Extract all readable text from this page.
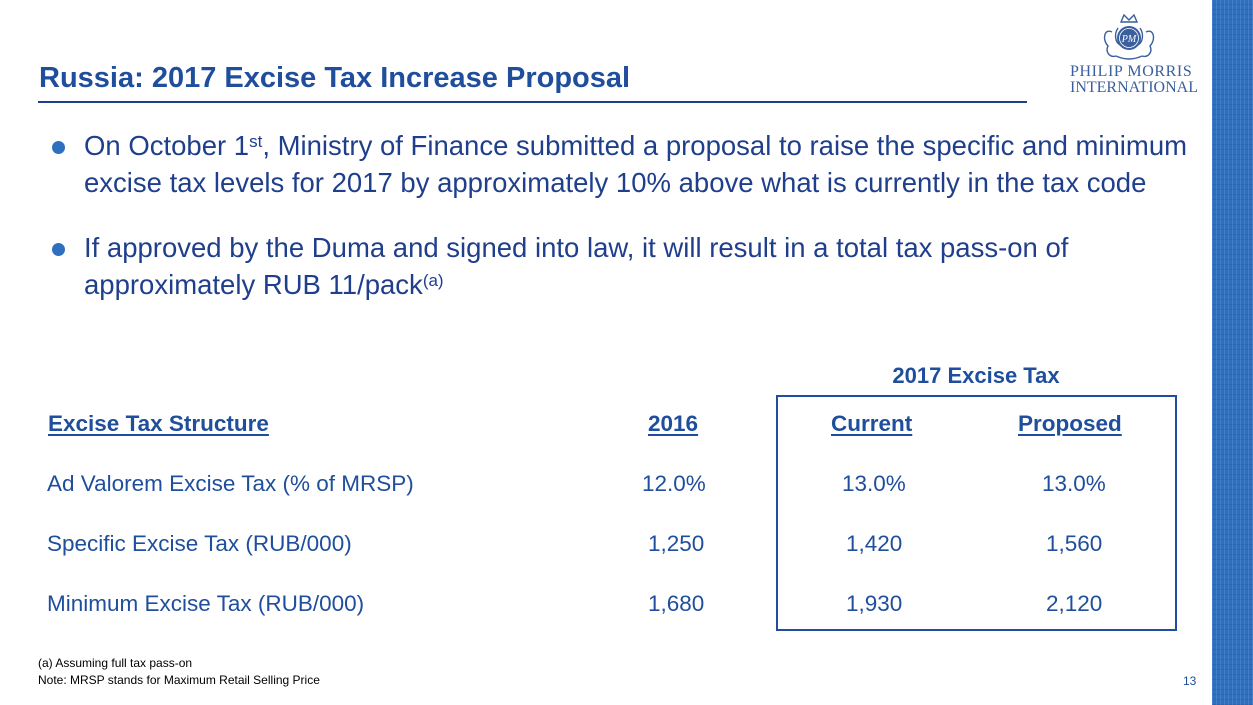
Russia: 2017 Excise Tax Increase Proposal
PM
PHILIP MORRIS
INTERNATIONAL
On October 1st, Ministry of Finance submitted a proposal to raise the specific and minimum excise tax levels for 2017 by approximately 10% above what is currently in the tax code
If approved by the Duma and signed into law, it will result in a total tax pass-on of approximately RUB 11/pack$^{(a)}$
2017 Excise Tax
Excise Tax Structure	2016	Current	Proposed
Ad Valorem Excise Tax (% of MRSP)	12.0%	13.0%	13.0%
Specific Excise Tax (RUB/000)	1,250	1,420	1,560
Minimum Excise Tax (RUB/000)	1,680	1,930	2,120
(a) Assuming full tax pass-on
Note: MRSP stands for Maximum Retail Selling Price	13
